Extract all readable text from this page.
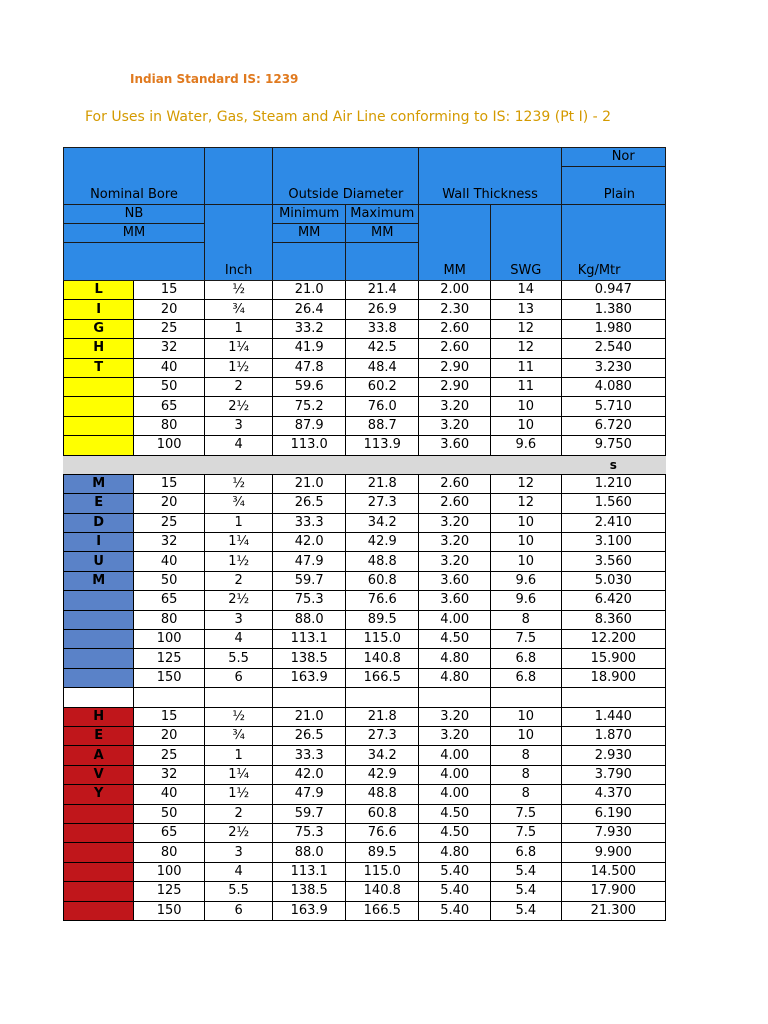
Indian Standard IS: 1239
For Uses in Water, Gas, Steam and Air Line conforming to IS: 1239 (Pt I) - 2
Nominal Bore			Outside Diameter		Wall Thickness		Nor
							Plain
NB		Inch	Minimum	Maximum	MM	SWG	Kg/Mtr
MM			MM	MM			

L	15	½	21.0	21.4	2.00	14	0.947
I	20	¾	26.4	26.9	2.30	13	1.380
G	25	1	33.2	33.8	2.60	12	1.980
H	32	1¼	41.9	42.5	2.60	12	2.540
T	40	1½	47.8	48.4	2.90	11	3.230
	50	2	59.6	60.2	2.90	11	4.080
	65	2½	75.2	76.0	3.20	10	5.710
	80	3	87.9	88.7	3.20	10	6.720
	100	4	113.0	113.9	3.60	9.6	9.750
							s
M	15	½	21.0	21.8	2.60	12	1.210
E	20	¾	26.5	27.3	2.60	12	1.560
D	25	1	33.3	34.2	3.20	10	2.410
I	32	1¼	42.0	42.9	3.20	10	3.100
U	40	1½	47.9	48.8	3.20	10	3.560
M	50	2	59.7	60.8	3.60	9.6	5.030
	65	2½	75.3	76.6	3.60	9.6	6.420
	80	3	88.0	89.5	4.00	8	8.360
	100	4	113.1	115.0	4.50	7.5	12.200
	125	5.5	138.5	140.8	4.80	6.8	15.900
	150	6	163.9	166.5	4.80	6.8	18.900

H	15	½	21.0	21.8	3.20	10	1.440
E	20	¾	26.5	27.3	3.20	10	1.870
A	25	1	33.3	34.2	4.00	8	2.930
V	32	1¼	42.0	42.9	4.00	8	3.790
Y	40	1½	47.9	48.8	4.00	8	4.370
	50	2	59.7	60.8	4.50	7.5	6.190
	65	2½	75.3	76.6	4.50	7.5	7.930
	80	3	88.0	89.5	4.80	6.8	9.900
	100	4	113.1	115.0	5.40	5.4	14.500
	125	5.5	138.5	140.8	5.40	5.4	17.900
	150	6	163.9	166.5	5.40	5.4	21.300
